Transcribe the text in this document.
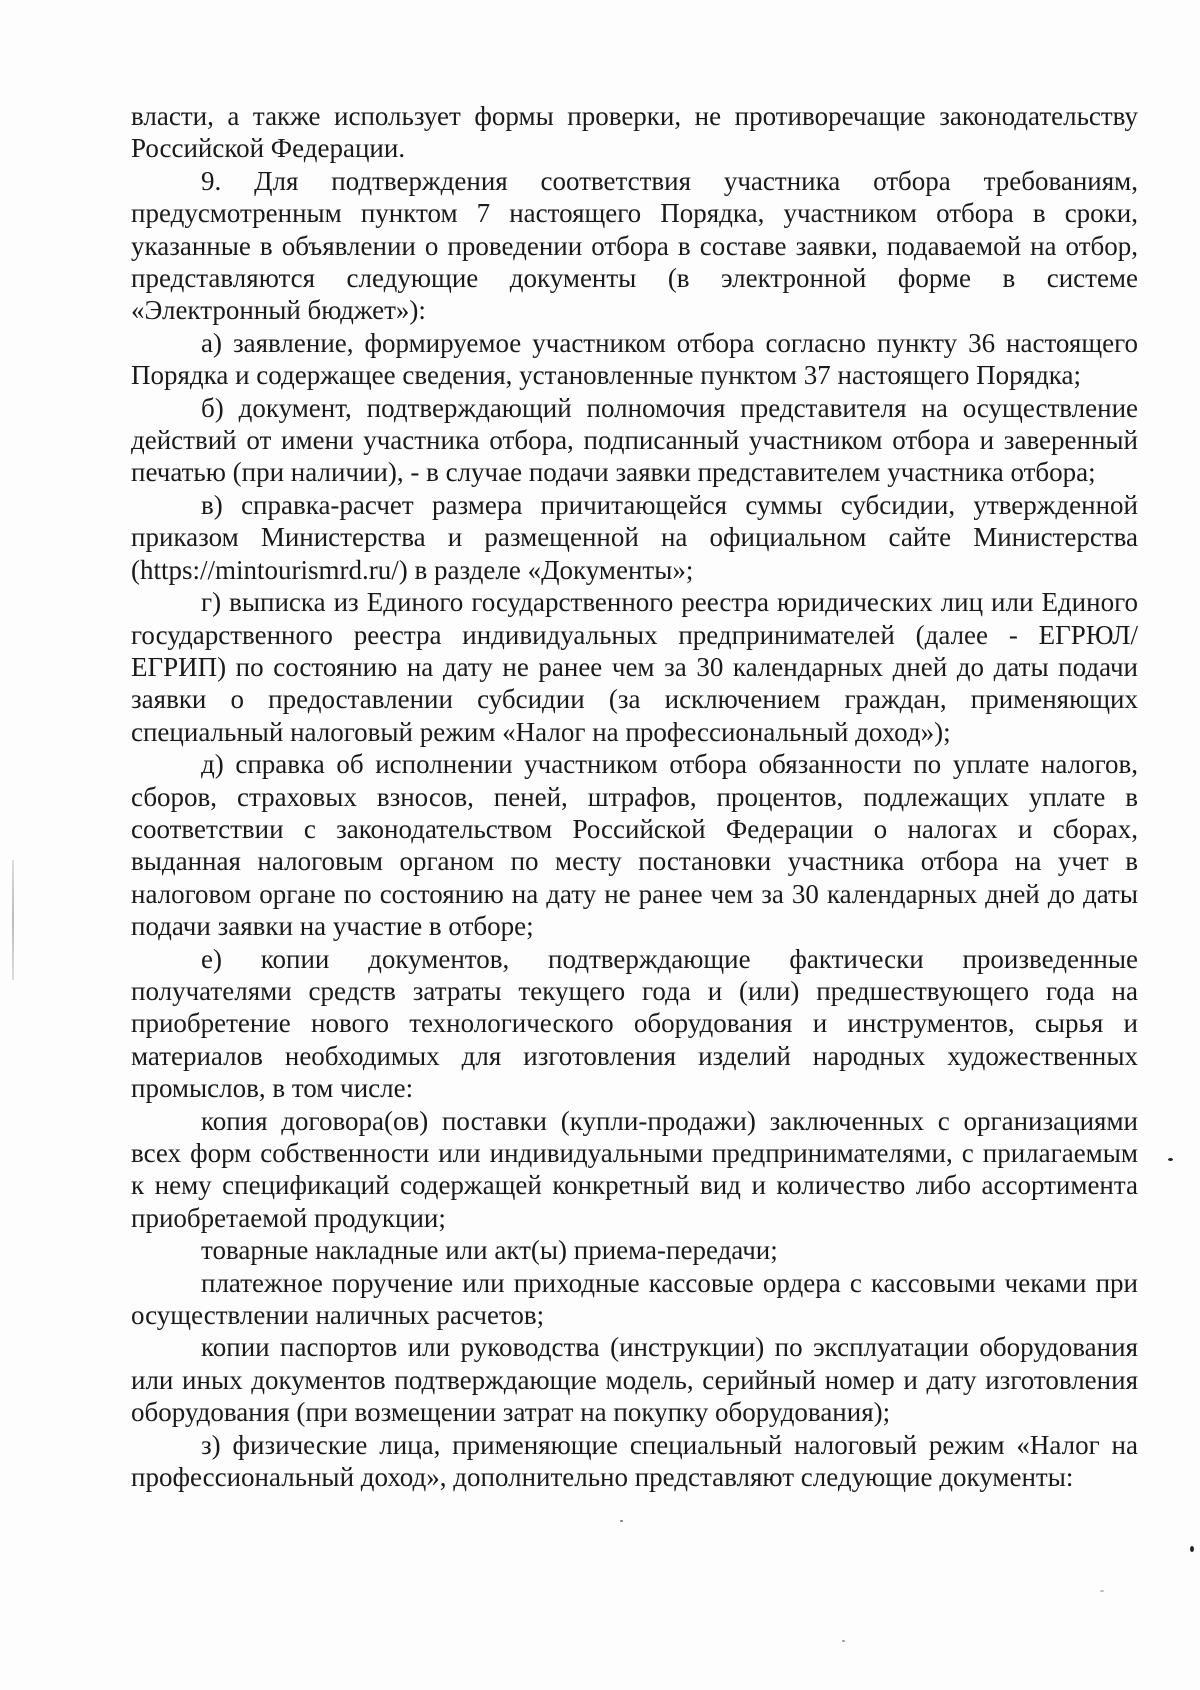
власти, а также использует формы проверки, не противоречащие законодательству Российской Федерации.

9. Для подтверждения соответствия участника отбора требованиям, предусмотренным пунктом 7 настоящего Порядка, участником отбора в сроки, указанные в объявлении о проведении отбора в составе заявки, подаваемой на отбор, представляются следующие документы (в электронной форме в системе «Электронный бюджет»):

а) заявление, формируемое участником отбора согласно пункту 36 настоящего Порядка и содержащее сведения, установленные пунктом 37 настоящего Порядка;

б) документ, подтверждающий полномочия представителя на осуществление действий от имени участника отбора, подписанный участником отбора и заверенный печатью (при наличии), - в случае подачи заявки представителем участника отбора;

в) справка-расчет размера причитающейся суммы субсидии, утвержденной приказом Министерства и размещенной на официальном сайте Министерства (https://mintourismrd.ru/) в разделе «Документы»;

г) выписка из Единого государственного реестра юридических лиц или Единого государственного реестра индивидуальных предпринимателей (далее - ЕГРЮЛ/ЕГРИП) по состоянию на дату не ранее чем за 30 календарных дней до даты подачи заявки о предоставлении субсидии (за исключением граждан, применяющих специальный налоговый режим «Налог на профессиональный доход»);

д) справка об исполнении участником отбора обязанности по уплате налогов, сборов, страховых взносов, пеней, штрафов, процентов, подлежащих уплате в соответствии с законодательством Российской Федерации о налогах и сборах, выданная налоговым органом по месту постановки участника отбора на учет в налоговом органе по состоянию на дату не ранее чем за 30 календарных дней до даты подачи заявки на участие в отборе;

е) копии документов, подтверждающие фактически произведенные получателями средств затраты текущего года и (или) предшествующего года на приобретение нового технологического оборудования и инструментов, сырья и материалов необходимых для изготовления изделий народных художественных промыслов, в том числе:

копия договора(ов) поставки (купли-продажи) заключенных с организациями всех форм собственности или индивидуальными предпринимателями, с прилагаемым к нему спецификаций содержащей конкретный вид и количество либо ассортимента приобретаемой продукции;

товарные накладные или акт(ы) приема-передачи;

платежное поручение или приходные кассовые ордера с кассовыми чеками при осуществлении наличных расчетов;

копии паспортов или руководства (инструкции) по эксплуатации оборудования или иных документов подтверждающие модель, серийный номер и дату изготовления оборудования (при возмещении затрат на покупку оборудования);

з) физические лица, применяющие специальный налоговый режим «Налог на профессиональный доход», дополнительно представляют следующие документы:
